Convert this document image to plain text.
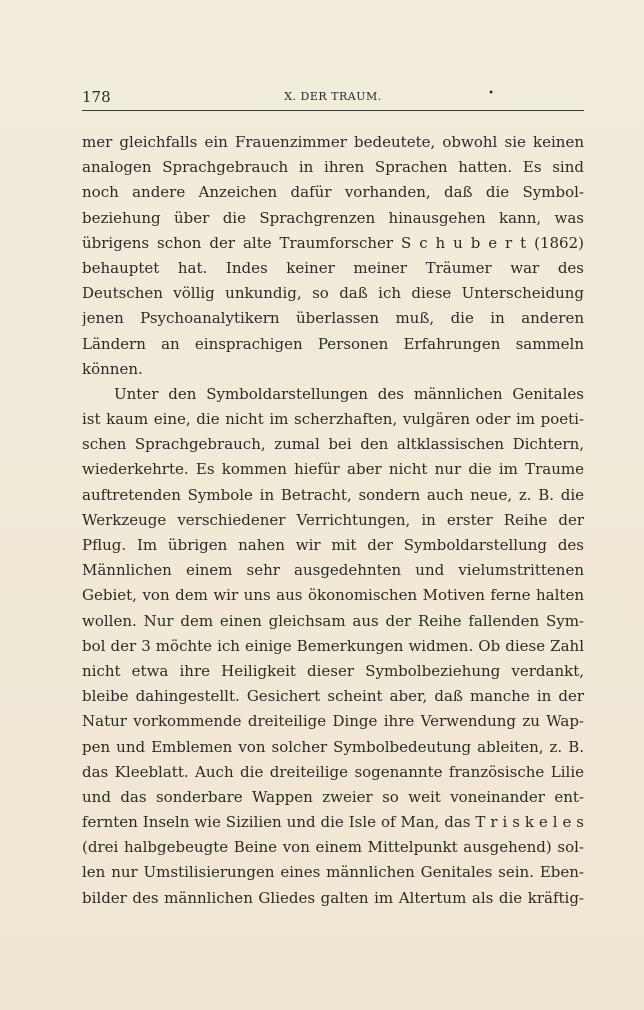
178	X. DER TRAUM.	•
mer gleichfalls ein Frauenzimmer bedeutete, obwohl sie keinen
analogen Sprachgebrauch in ihren Sprachen hatten. Es sind
noch andere Anzeichen dafür vorhanden, daß die Symbol-
beziehung über die Sprachgrenzen hinausgehen kann, was
übrigens schon der alte Traumforscher S c h u b e r t (1862)
behauptet hat. Indes keiner meiner Träumer war des
Deutschen völlig unkundig, so daß ich diese Unterscheidung
jenen Psychoanalytikern überlassen muß, die in anderen
Ländern an einsprachigen Personen Erfahrungen sammeln
können.
Unter den Symboldarstellungen des männlichen Genitales
ist kaum eine, die nicht im scherzhaften, vulgären oder im poeti-
schen Sprachgebrauch, zumal bei den altklassischen Dichtern,
wiederkehrte. Es kommen hiefür aber nicht nur die im Traume
auftretenden Symbole in Betracht, sondern auch neue, z. B. die
Werkzeuge verschiedener Verrichtungen, in erster Reihe der
Pflug. Im übrigen nahen wir mit der Symboldarstellung des
Männlichen einem sehr ausgedehnten und vielumstrittenen
Gebiet, von dem wir uns aus ökonomischen Motiven ferne halten
wollen. Nur dem einen gleichsam aus der Reihe fallenden Sym-
bol der 3 möchte ich einige Bemerkungen widmen. Ob diese Zahl
nicht etwa ihre Heiligkeit dieser Symbolbeziehung verdankt,
bleibe dahingestellt. Gesichert scheint aber, daß manche in der
Natur vorkommende dreiteilige Dinge ihre Verwendung zu Wap-
pen und Emblemen von solcher Symbolbedeutung ableiten, z. B.
das Kleeblatt. Auch die dreiteilige sogenannte französische Lilie
und das sonderbare Wappen zweier so weit voneinander ent-
fernten Inseln wie Sizilien und die Isle of Man, das T r i s k e l e s
(drei halbgebeugte Beine von einem Mittelpunkt ausgehend) sol-
len nur Umstilisierungen eines männlichen Genitales sein. Eben-
bilder des männlichen Gliedes galten im Altertum als die kräftig-
